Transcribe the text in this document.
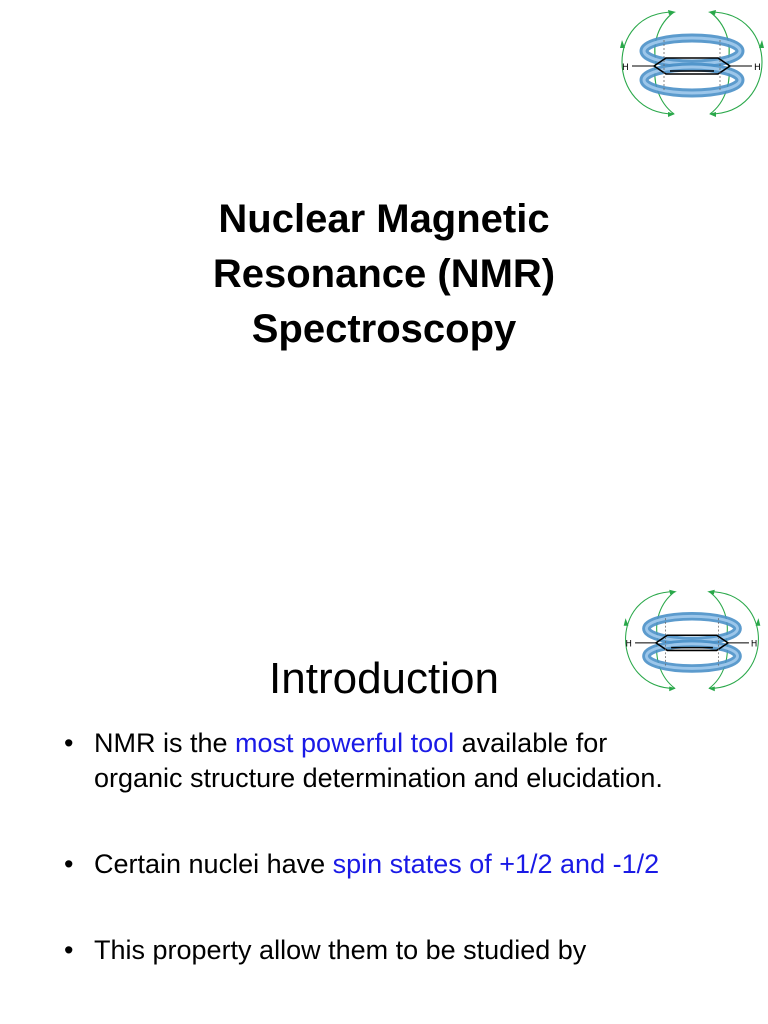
H	H
Nuclear Magnetic
Resonance (NMR)
Spectroscopy
H	H
Introduction
• NMR is the most powerful tool available for organic structure determination and elucidation.
• Certain nuclei have spin states of +1/2 and -1/2
• This property allow them to be studied by
